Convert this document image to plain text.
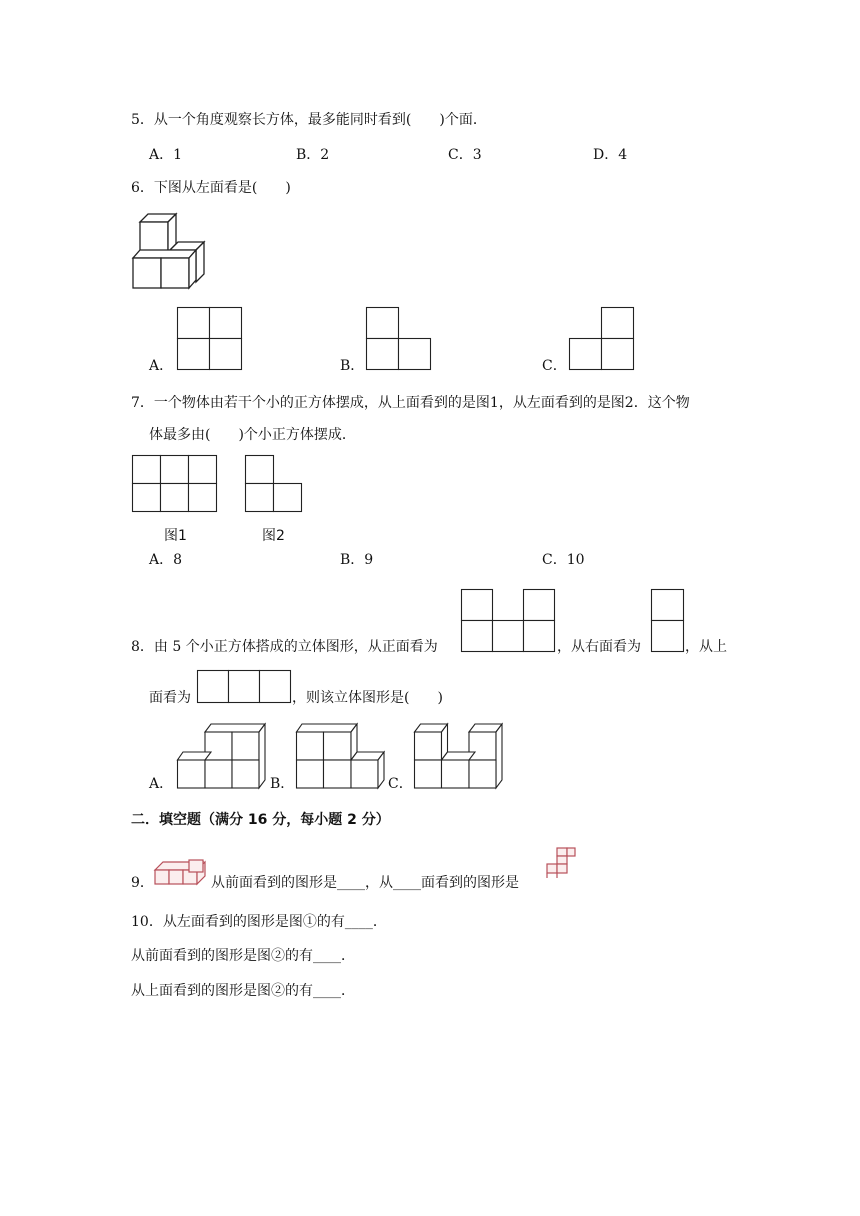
5．从一个角度观察长方体，最多能同时看到(　　)个面．
A．1	B．2	C．3	D．4
6．下图从左面看是(　　)
A．	B．	C．
7．一个物体由若干个小的正方体摆成，从上面看到的是图1，从左面看到的是图2．这个物
体最多由(　　)个小正方体摆成．
图1	图2
A．8	B．9	C．10
8．由 5 个小正方体搭成的立体图形，从正面看为	，从右面看为	，从上
面看为	，则该立体图形是(　　)
A．	B．	C．
二．填空题（满分 16 分，每小题 2 分）
9．	从前面看到的图形是____，从____面看到的图形是
10．从左面看到的图形是图①的有____．
从前面看到的图形是图②的有____．
从上面看到的图形是图②的有____．
